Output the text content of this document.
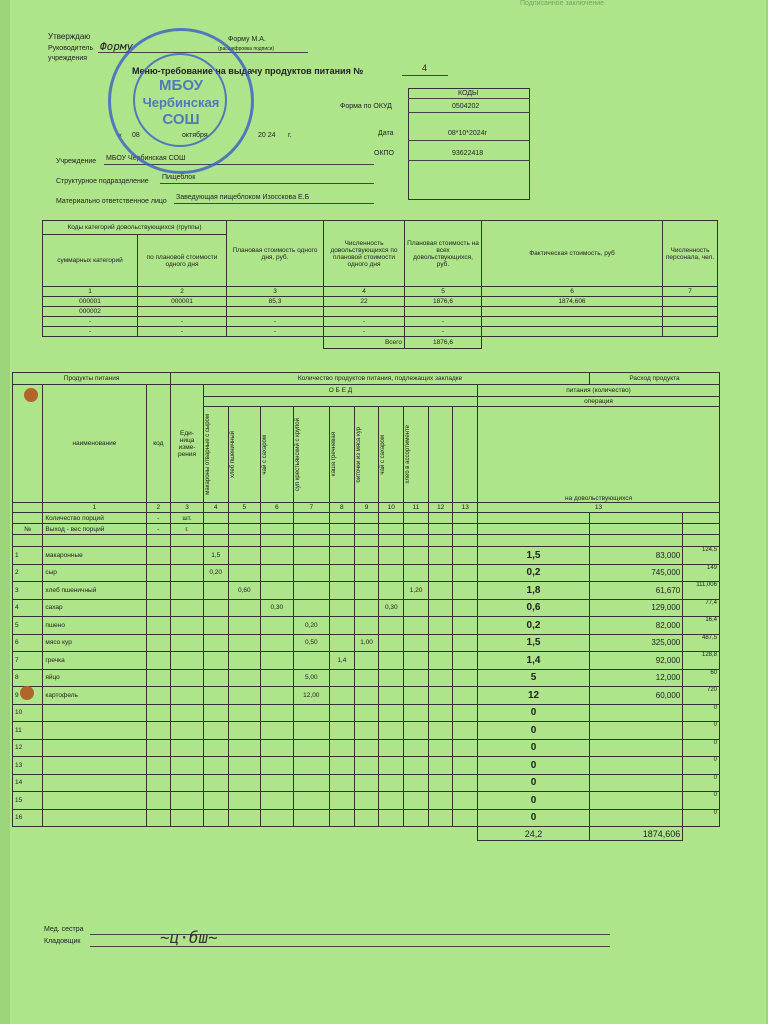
Подписанное заключение
Утверждаю
Руководитель
учреждения
Форму
Форму М.А.
(расшифровка подписи)
Меню-требование на выдачу продуктов питания №	4
КОДЫ
Форма по ОКУД	0504202
« 08	октября	20 24 г.	Дата	08*10*2024г
ОКПО	93622418
Учреждение МБОУ Чербинская СОШ
Структурное подразделение
Пищеблок
Материально ответственное лицо
Заведующая пищеблоком Изосскова Е.Б
МБОУ
Чербинская
СОШ
Коды категорий довольствующихся (группы)		Плановая стоимость одного дня, руб.	Численность довольствующихся по плановой стоимости одного дня	Плановая стоимость на всех довольствующихся, руб.	Фактическая стоимость, руб	Численность персонала, чел.
суммарных категорий	по плановой стоимости одного дня					
1	2	3	4	5	6	7
000001	000001	85,3	22	1876,6	1874,606	
000002						
-	-	-	-	-		
-	-	-	-	-		
			Всего	1876,6		
Продукты питания			Количество продуктов питания, подлежащих закладке												Расход продукта	
	наименование	код	Еди-
ница
изме-
рения	О Б Е Д										питания (количество)		
														операция		

				макароны отварные с сыром	хлеб пшеничный	чай с сахаром	суп крестьянский с крупой	каша гречневая	биточки из мяса кур	чай с сахаром	хлеб в ассортименте			на довольствующихся		
	1	2	3	4	5	6	7	8	9	10	11	12	13	13		
	Количество порций	-	шт.													
№	Выход - вес порций	-	г.													

1	макаронные			1,5										1,5	83,000	124,5
2	сыр			0,20										0,2	745,000	149
3	хлеб пшеничный				0,60						1,20			1,8	61,670	111,006
4	сахар					0,30				0,30				0,6	129,000	77,4
5	пшено						0,20							0,2	82,000	16,4
6	мясо кур						0,50		1,00					1,5	325,000	487,5
7	гречка							1,4						1,4	92,000	128,8
8	яйцо						5,00							5	12,000	60
9	картофель						12,00							12	60,000	720
10														0		0
11														0		0
12														0		0
13														0		0
14														0		0
15														0		0
16														0		0
														24,2	1874,606	
Мед. сестра
Кладовщик	~ц⋅бш~
